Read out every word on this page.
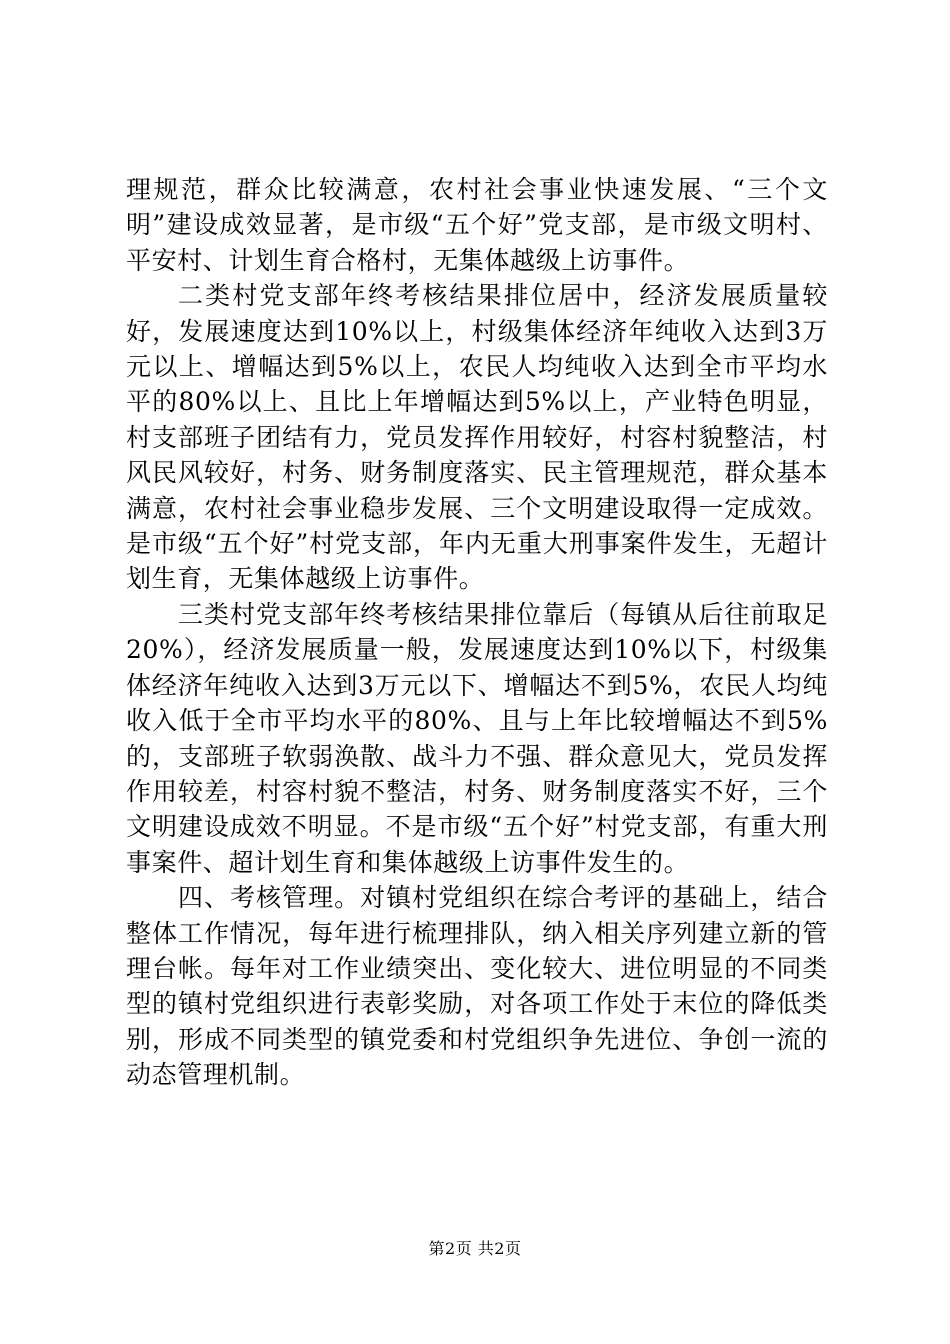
理规范，群众比较满意，农村社会事业快速发展、“三个文明”建设成效显著，是市级“五个好”党支部，是市级文明村、平安村、计划生育合格村，无集体越级上访事件。

二类村党支部年终考核结果排位居中，经济发展质量较好，发展速度达到10%以上，村级集体经济年纯收入达到3万元以上、增幅达到5%以上，农民人均纯收入达到全市平均水平的80%以上、且比上年增幅达到5%以上，产业特色明显，村支部班子团结有力，党员发挥作用较好，村容村貌整洁，村风民风较好，村务、财务制度落实、民主管理规范，群众基本满意，农村社会事业稳步发展、三个文明建设取得一定成效。是市级“五个好”村党支部，年内无重大刑事案件发生，无超计划生育，无集体越级上访事件。

三类村党支部年终考核结果排位靠后（每镇从后往前取足20%），经济发展质量一般，发展速度达到10%以下，村级集体经济年纯收入达到3万元以下、增幅达不到5%，农民人均纯收入低于全市平均水平的80%、且与上年比较增幅达不到5%的，支部班子软弱涣散、战斗力不强、群众意见大，党员发挥作用较差，村容村貌不整洁，村务、财务制度落实不好，三个文明建设成效不明显。不是市级“五个好”村党支部，有重大刑事案件、超计划生育和集体越级上访事件发生的。

四、考核管理。对镇村党组织在综合考评的基础上，结合整体工作情况，每年进行梳理排队，纳入相关序列建立新的管理台帐。每年对工作业绩突出、变化较大、进位明显的不同类型的镇村党组织进行表彰奖励，对各项工作处于末位的降低类别，形成不同类型的镇党委和村党组织争先进位、争创一流的动态管理机制。

第2页 共2页
